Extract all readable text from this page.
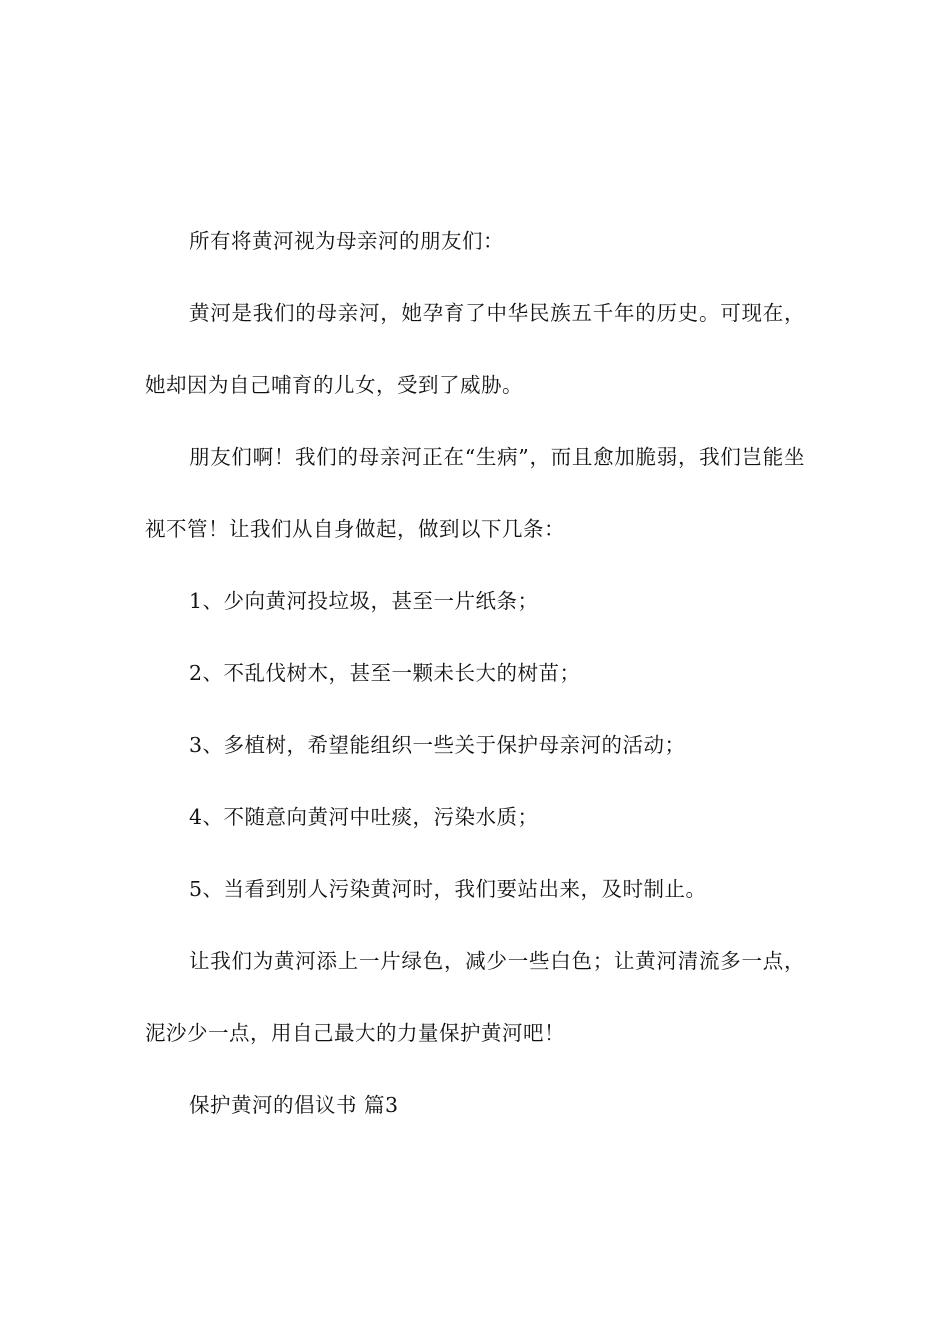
所有将黄河视为母亲河的朋友们：

黄河是我们的母亲河，她孕育了中华民族五千年的历史。可现在，她却因为自己哺育的儿女，受到了威胁。

朋友们啊！我们的母亲河正在“生病”，而且愈加脆弱，我们岂能坐视不管！让我们从自身做起，做到以下几条：

1、少向黄河投垃圾，甚至一片纸条；

2、不乱伐树木，甚至一颗未长大的树苗；

3、多植树，希望能组织一些关于保护母亲河的活动；

4、不随意向黄河中吐痰，污染水质；

5、当看到别人污染黄河时，我们要站出来，及时制止。

让我们为黄河添上一片绿色，减少一些白色；让黄河清流多一点，泥沙少一点，用自己最大的力量保护黄河吧！

保护黄河的倡议书 篇3
